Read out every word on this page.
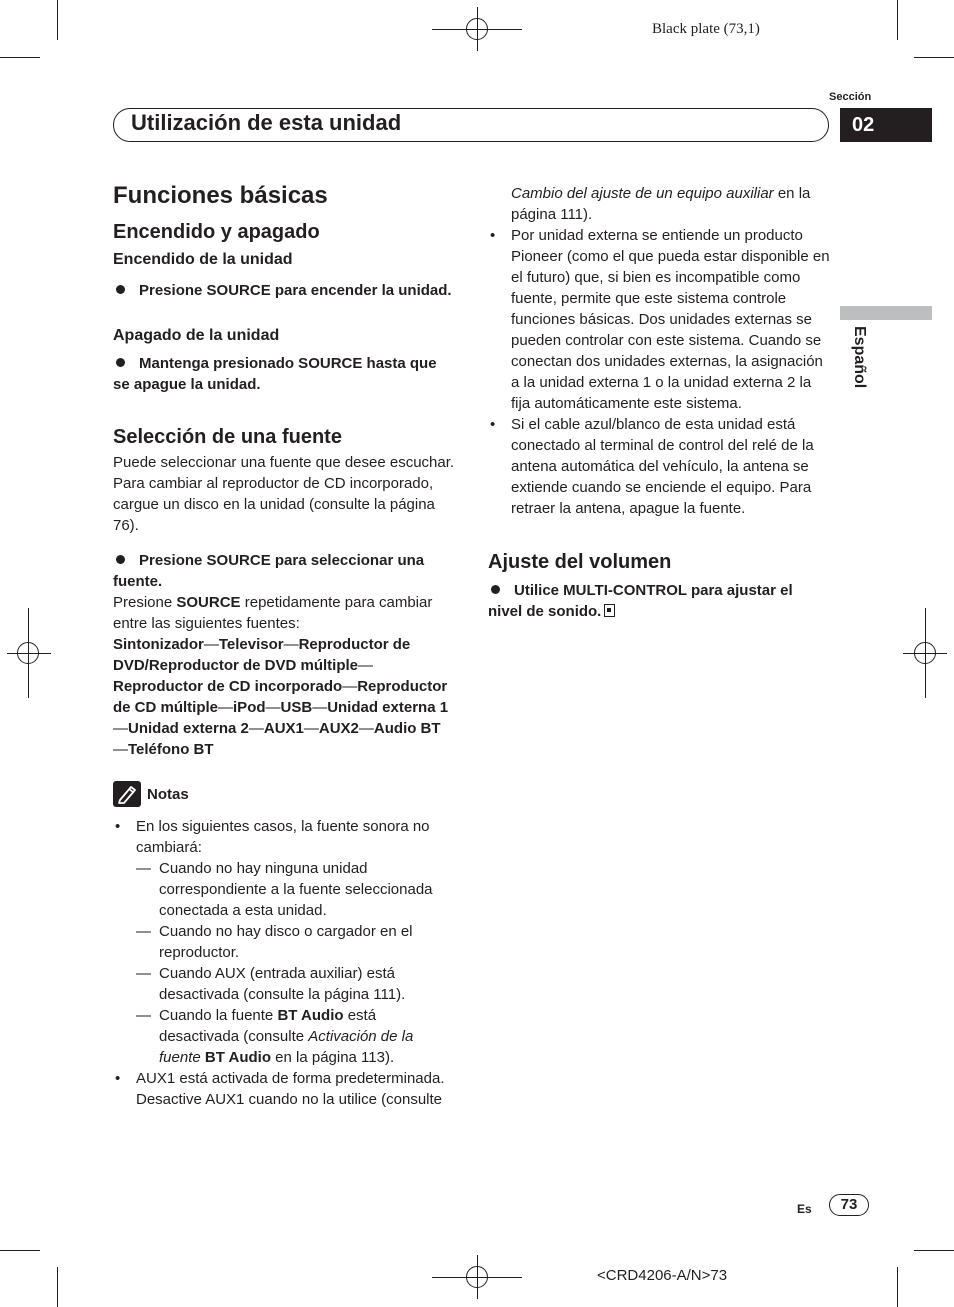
Black plate (73,1)
Sección
Utilización de esta unidad	02
Español
Funciones básicas
Encendido y apagado
Encendido de la unidad

Presione SOURCE para encender la unidad.

Apagado de la unidad

Mantenga presionado SOURCE hasta que se apague la unidad.

Selección de una fuente

Puede seleccionar una fuente que desee escuchar. Para cambiar al reproductor de CD incorporado, cargue un disco en la unidad (consulte la página 76).

Presione SOURCE para seleccionar una fuente.

Presione SOURCE repetidamente para cambiar entre las siguientes fuentes:

Sintonizador—Televisor—Reproductor de DVD/Reproductor de DVD múltiple—Reproductor de CD incorporado—Reproductor de CD múltiple—iPod—USB—Unidad externa 1—Unidad externa 2—AUX1—AUX2—Audio BT—Teléfono BT

Notas
• En los siguientes casos, la fuente sonora no cambiará:
— Cuando no hay ninguna unidad correspondiente a la fuente seleccionada conectada a esta unidad.
— Cuando no hay disco o cargador en el reproductor.
— Cuando AUX (entrada auxiliar) está desactivada (consulte la página 111).
— Cuando la fuente BT Audio está desactivada (consulte Activación de la fuente BT Audio en la página 113).
• AUX1 está activada de forma predeterminada. Desactive AUX1 cuando no la utilice (consulte

Cambio del ajuste de un equipo auxiliar en la página 111).

• Por unidad externa se entiende un producto Pioneer (como el que pueda estar disponible en el futuro) que, si bien es incompatible como fuente, permite que este sistema controle funciones básicas. Dos unidades externas se pueden controlar con este sistema. Cuando se conectan dos unidades externas, la asignación a la unidad externa 1 o la unidad externa 2 la fija automáticamente este sistema.
• Si el cable azul/blanco de esta unidad está conectado al terminal de control del relé de la antena automática del vehículo, la antena se extiende cuando se enciende el equipo. Para retraer la antena, apague la fuente.
Ajuste del volumen

Utilice MULTI-CONTROL para ajustar el nivel de sonido.

Es	73
<CRD4206-A/N>73
